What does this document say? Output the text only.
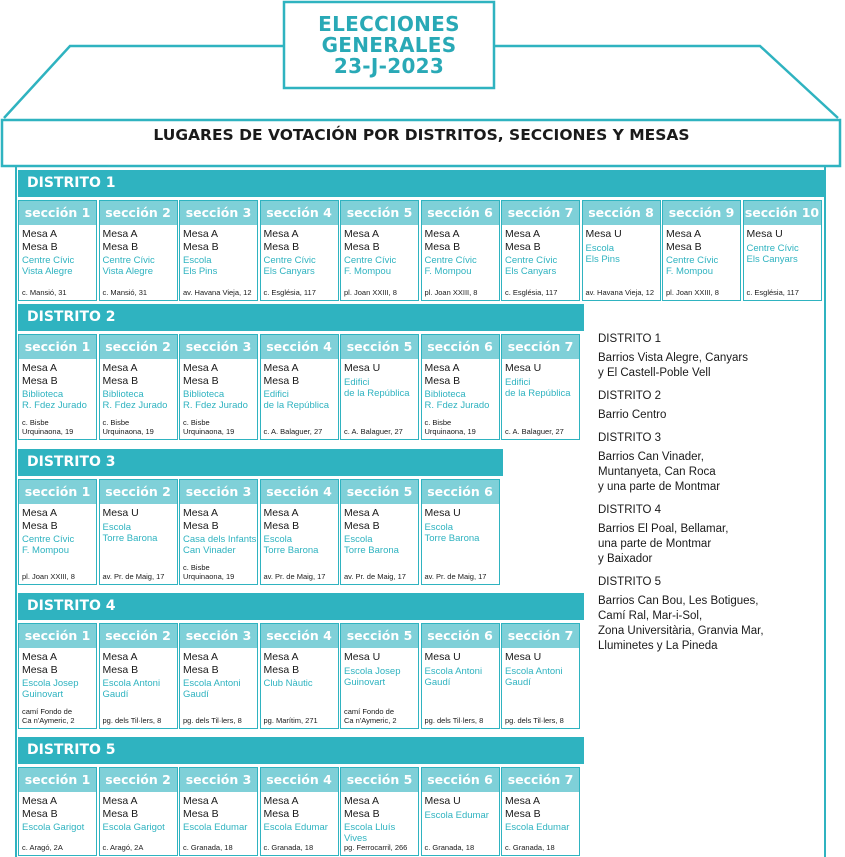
ELECCIONES
GENERALES
23-J-2023
LUGARES DE VOTACIÓN POR DISTRITOS, SECCIONES Y MESAS
DISTRITO 1
sección 1
Mesa A
Mesa B
Centre Cívic
Vista Alegre
c. Mansió, 31
sección 2
Mesa A
Mesa B
Centre Cívic
Vista Alegre
c. Mansió, 31
sección 3
Mesa A
Mesa B
Escola
Els Pins
av. Havana Vieja, 12
sección 4
Mesa A
Mesa B
Centre Cívic
Els Canyars
c. Església, 117
sección 5
Mesa A
Mesa B
Centre Cívic
F. Mompou
pl. Joan XXIII, 8
sección 6
Mesa A
Mesa B
Centre Cívic
F. Mompou
pl. Joan XXIII, 8
sección 7
Mesa A
Mesa B
Centre Cívic
Els Canyars
c. Església, 117
sección 8
Mesa U
Escola
Els Pins
av. Havana Vieja, 12
sección 9
Mesa A
Mesa B
Centre Cívic
F. Mompou
pl. Joan XXIII, 8
sección 10
Mesa U
Centre Cívic
Els Canyars
c. Església, 117
DISTRITO 2
sección 1
Mesa A
Mesa B
Biblioteca
R. Fdez Jurado
c. Bisbe
Urquinaona, 19
sección 2
Mesa A
Mesa B
Biblioteca
R. Fdez Jurado
c. Bisbe
Urquinaona, 19
sección 3
Mesa A
Mesa B
Biblioteca
R. Fdez Jurado
c. Bisbe
Urquinaona, 19
sección 4
Mesa A
Mesa B
Edifici
de la República
c. A. Balaguer, 27
sección 5
Mesa U
Edifici
de la República
c. A. Balaguer, 27
sección 6
Mesa A
Mesa B
Biblioteca
R. Fdez Jurado
c. Bisbe
Urquinaona, 19
sección 7
Mesa U
Edifici
de la República
c. A. Balaguer, 27
DISTRITO 3
sección 1
Mesa A
Mesa B
Centre Cívic
F. Mompou
pl. Joan XXIII, 8
sección 2
Mesa U
Escola
Torre Barona
av. Pr. de Maig, 17
sección 3
Mesa A
Mesa B
Casa dels Infants
Can Vinader
c. Bisbe
Urquinaona, 19
sección 4
Mesa A
Mesa B
Escola
Torre Barona
av. Pr. de Maig, 17
sección 5
Mesa A
Mesa B
Escola
Torre Barona
av. Pr. de Maig, 17
sección 6
Mesa U
Escola
Torre Barona
av. Pr. de Maig, 17
DISTRITO 4
sección 1
Mesa A
Mesa B
Escola Josep
Guinovart
camí Fondo de
Ca n'Aymeric, 2
sección 2
Mesa A
Mesa B
Escola Antoni
Gaudí
pg. dels Til·lers, 8
sección 3
Mesa A
Mesa B
Escola Antoni
Gaudí
pg. dels Til·lers, 8
sección 4
Mesa A
Mesa B
Club Nàutic
pg. Marítim, 271
sección 5
Mesa U
Escola Josep
Guinovart
camí Fondo de
Ca n'Aymeric, 2
sección 6
Mesa U
Escola Antoni
Gaudí
pg. dels Til·lers, 8
sección 7
Mesa U
Escola Antoni
Gaudí
pg. dels Til·lers, 8
DISTRITO 5
sección 1
Mesa A
Mesa B
Escola Garigot
c. Aragó, 2A
sección 2
Mesa A
Mesa B
Escola Garigot
c. Aragó, 2A
sección 3
Mesa A
Mesa B
Escola Edumar
c. Granada, 18
sección 4
Mesa A
Mesa B
Escola Edumar
c. Granada, 18
sección 5
Mesa A
Mesa B
Escola Lluís Vives
pg. Ferrocarril, 266
sección 6
Mesa U
Escola Edumar
c. Granada, 18
sección 7
Mesa A
Mesa B
Escola Edumar
c. Granada, 18
DISTRITO 1
Barrios Vista Alegre, Canyars
y El Castell-Poble Vell
DISTRITO 2
Barrio Centro
DISTRITO 3
Barrios Can Vinader,
Muntanyeta, Can Roca
y una parte de Montmar
DISTRITO 4
Barrios El Poal, Bellamar,
una parte de Montmar
y Baixador
DISTRITO 5
Barrios Can Bou, Les Botigues,
Camí Ral, Mar-i-Sol,
Zona Universitària, Granvia Mar,
Lluminetes y La Pineda
